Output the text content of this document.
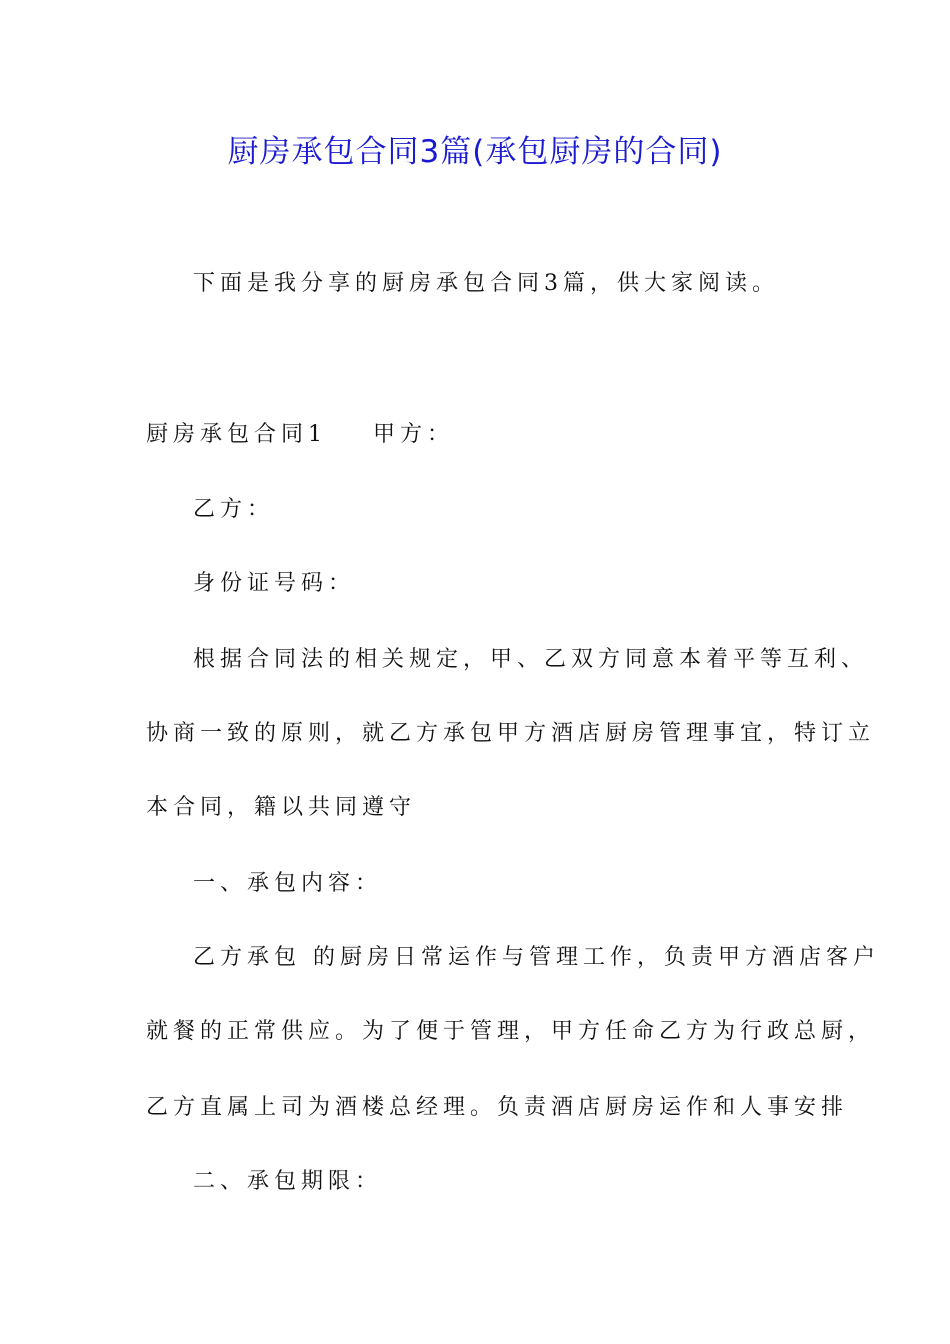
厨房承包合同3篇(承包厨房的合同)
下面是我分享的厨房承包合同3篇，供大家阅读。
厨房承包合同1 甲方：
乙方：
身份证号码：
根据合同法的相关规定，甲、乙双方同意本着平等互利、
协商一致的原则，就乙方承包甲方酒店厨房管理事宜，特订立
本合同，籍以共同遵守
一、承包内容：
乙方承包 的厨房日常运作与管理工作，负责甲方酒店客户
就餐的正常供应。为了便于管理，甲方任命乙方为行政总厨，
乙方直属上司为酒楼总经理。负责酒店厨房运作和人事安排
二、承包期限：
